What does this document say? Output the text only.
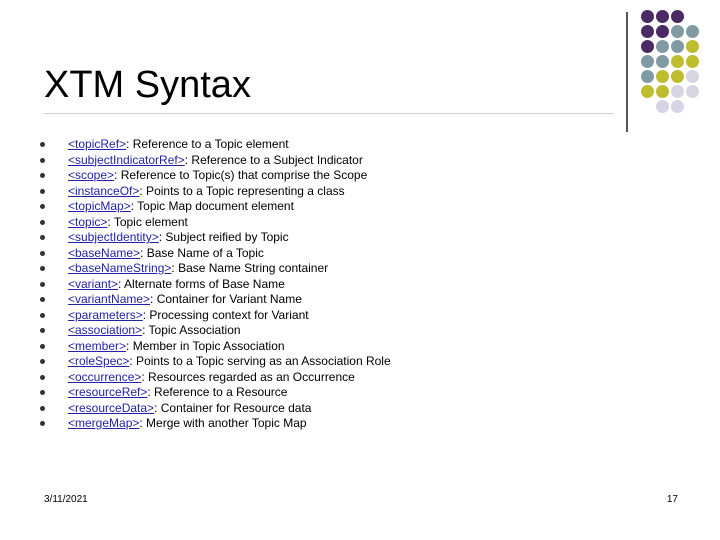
XTM Syntax
<topicRef> : Reference to a Topic element
<subjectIndicatorRef> : Reference to a Subject Indicator
<scope> : Reference to Topic(s) that comprise the Scope
<instanceOf> : Points to a Topic representing a class
<topicMap> : Topic Map document element
<topic> : Topic element
<subjectIdentity> : Subject reified by Topic
<baseName> : Base Name of a Topic
<baseNameString> : Base Name String container
<variant> : Alternate forms of Base Name
<variantName> : Container for Variant Name
<parameters> : Processing context for Variant
<association> : Topic Association
<member> : Member in Topic Association
<roleSpec> : Points to a Topic serving as an Association Role
<occurrence> : Resources regarded as an Occurrence
<resourceRef> : Reference to a Resource
<resourceData> : Container for Resource data
<mergeMap> : Merge with another Topic Map
3/11/2021	17
